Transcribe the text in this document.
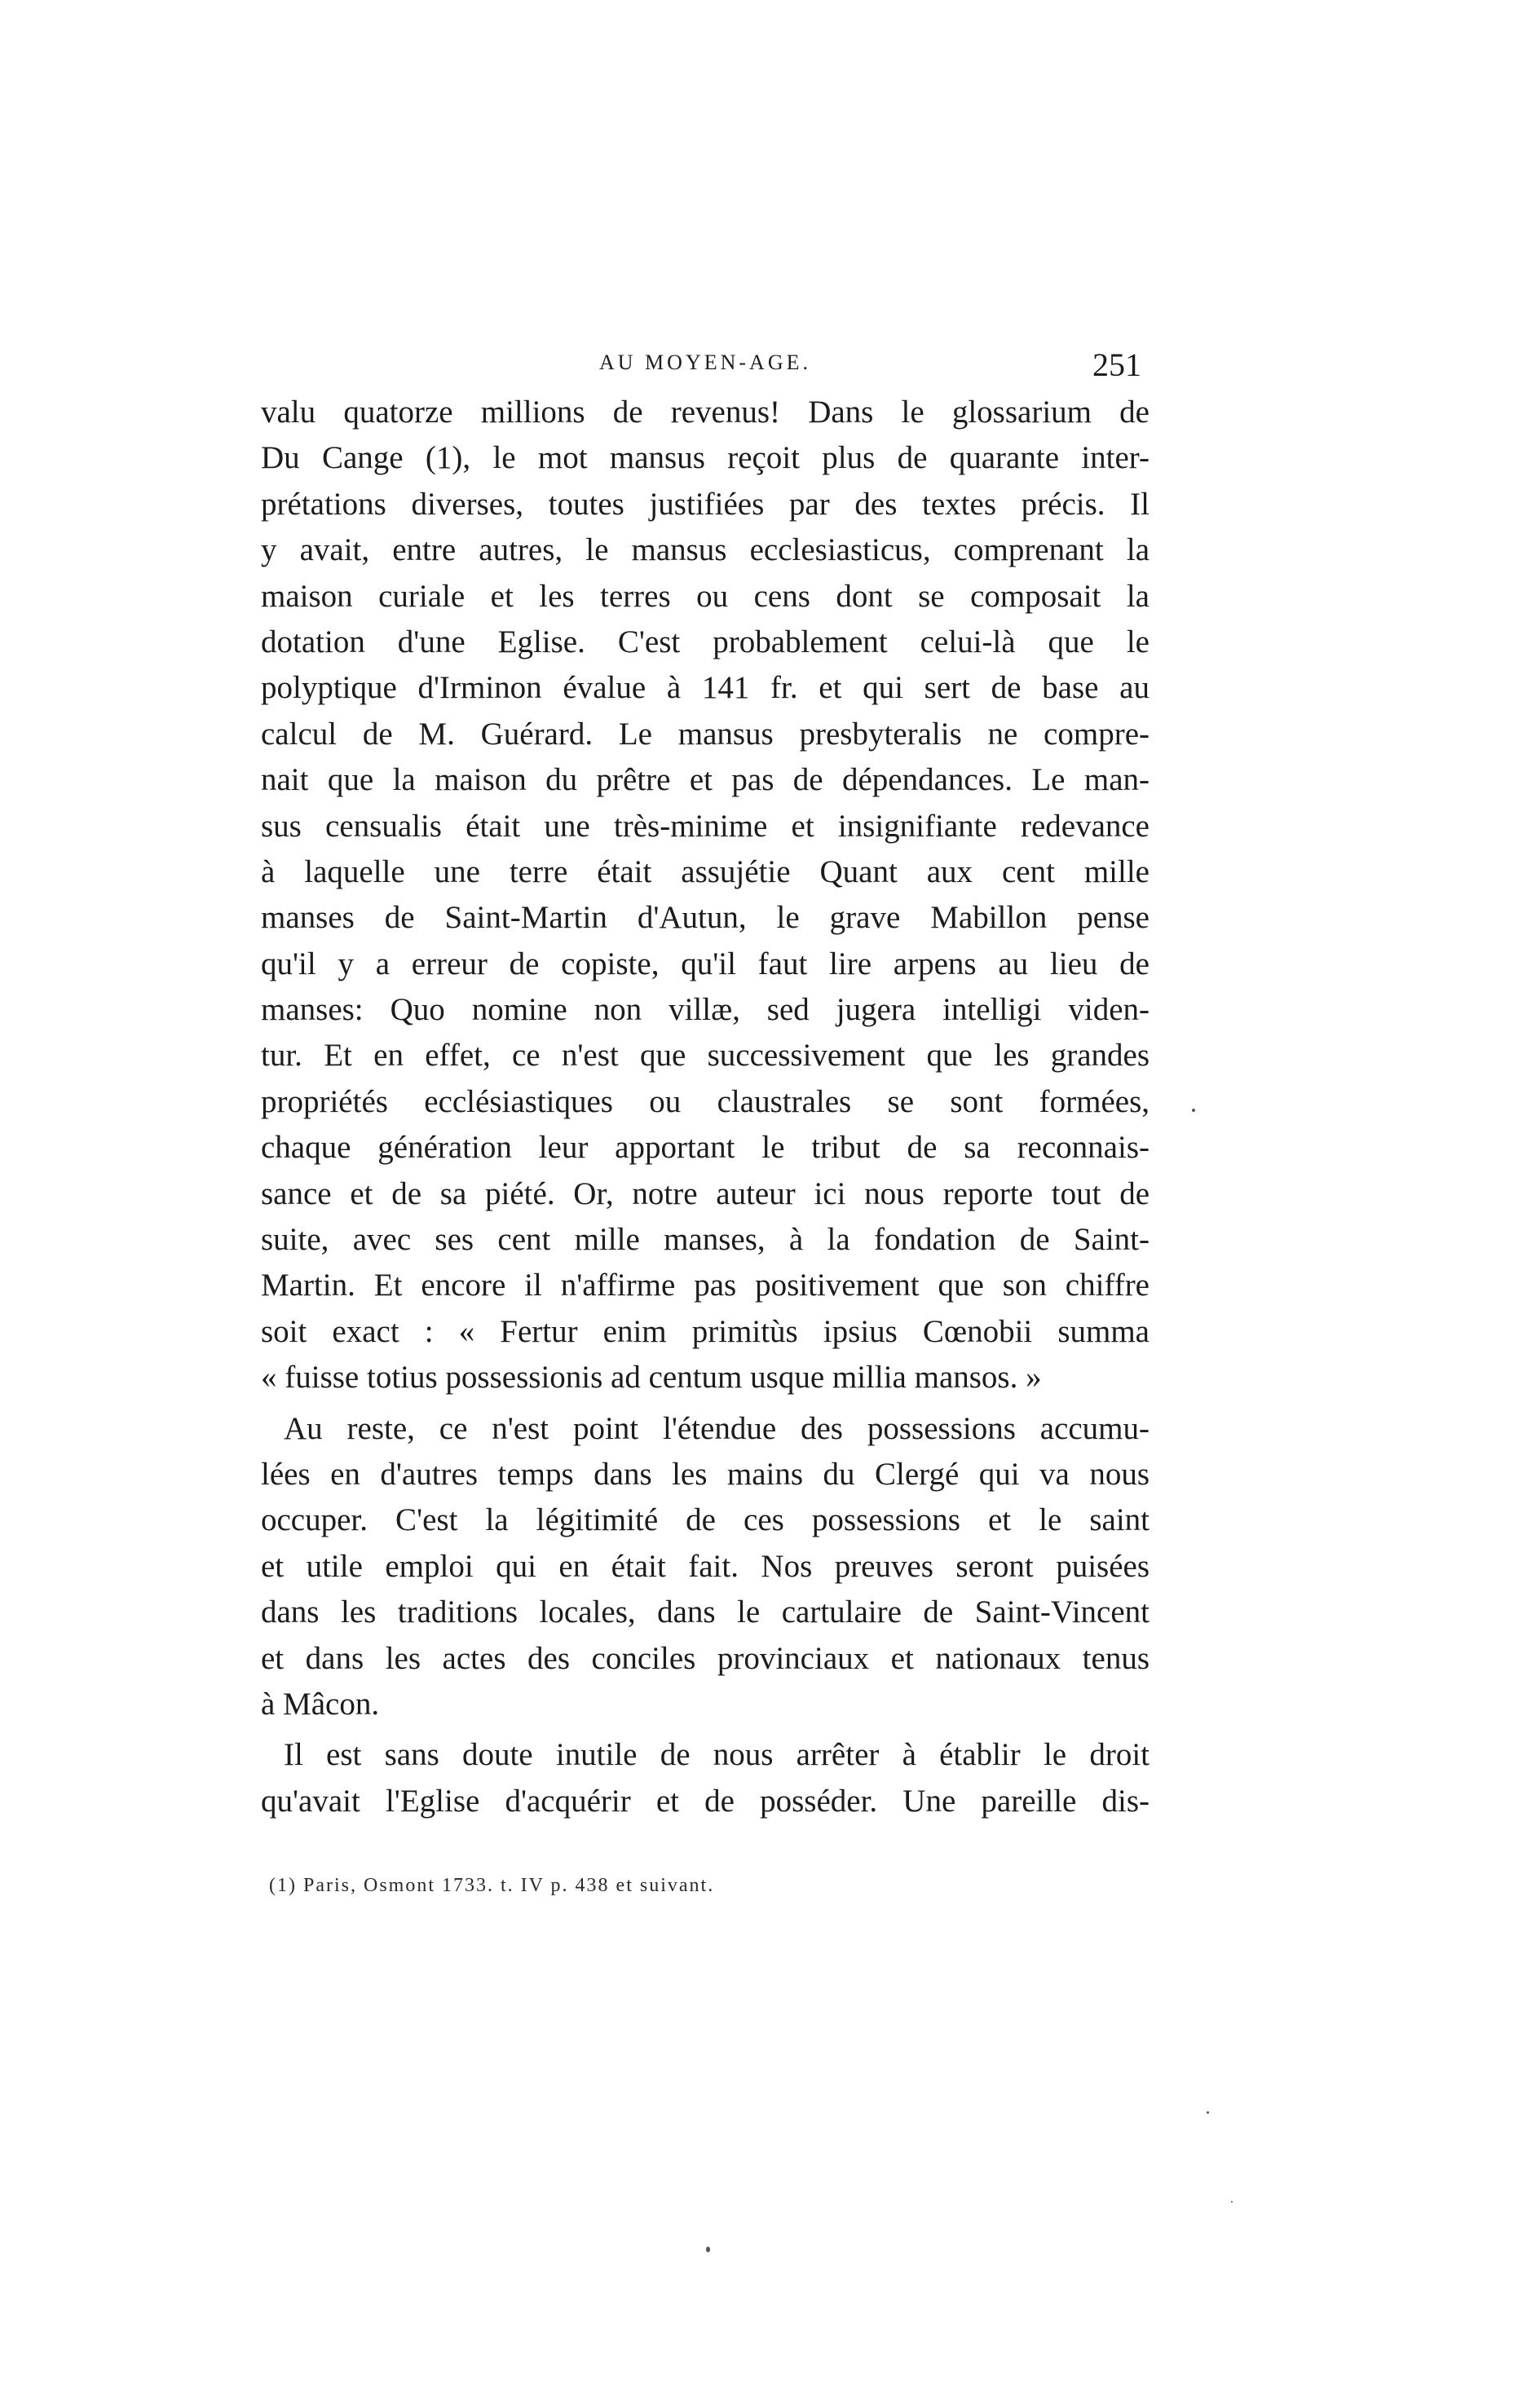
AU MOYEN-AGE.	251
valu quatorze millions de revenus! Dans le glossarium de
Du Cange (1), le mot mansus reçoit plus de quarante inter-
prétations diverses, toutes justifiées par des textes précis. Il
y avait, entre autres, le mansus ecclesiasticus, comprenant la
maison curiale et les terres ou cens dont se composait la
dotation d'une Eglise. C'est probablement celui-là que le
polyptique d'Irminon évalue à 141 fr. et qui sert de base au
calcul de M. Guérard. Le mansus presbyteralis ne compre-
nait que la maison du prêtre et pas de dépendances. Le man-
sus censualis était une très-minime et insignifiante redevance
à laquelle une terre était assujétie Quant aux cent mille
manses de Saint-Martin d'Autun, le grave Mabillon pense
qu'il y a erreur de copiste, qu'il faut lire arpens au lieu de
manses: Quo nomine non villæ, sed jugera intelligi viden-
tur. Et en effet, ce n'est que successivement que les grandes
propriétés ecclésiastiques ou claustrales se sont formées,
chaque génération leur apportant le tribut de sa reconnais-
sance et de sa piété. Or, notre auteur ici nous reporte tout de
suite, avec ses cent mille manses, à la fondation de Saint-
Martin. Et encore il n'affirme pas positivement que son chiffre
soit exact : « Fertur enim primitùs ipsius Cœnobii summa
« fuisse totius possessionis ad centum usque millia mansos. »
Au reste, ce n'est point l'étendue des possessions accumu-
lées en d'autres temps dans les mains du Clergé qui va nous
occuper. C'est la légitimité de ces possessions et le saint
et utile emploi qui en était fait. Nos preuves seront puisées
dans les traditions locales, dans le cartulaire de Saint-Vincent
et dans les actes des conciles provinciaux et nationaux tenus
à Mâcon.
Il est sans doute inutile de nous arrêter à établir le droit
qu'avait l'Eglise d'acquérir et de posséder. Une pareille dis-
(1) Paris, Osmont 1733. t. IV p. 438 et suivant.
